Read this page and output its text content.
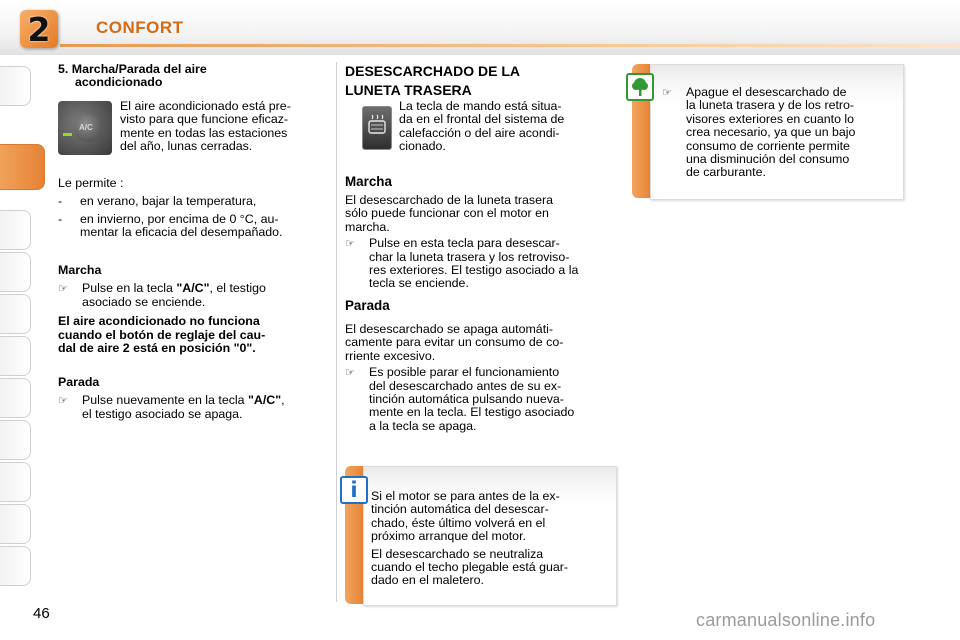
2	CONFORT
5. Marcha/Parada del aire
acondicionado
A/C
El aire acondicionado está pre-
visto para que funcione eficaz-
mente en todas las estaciones
del año, lunas cerradas.
Le permite :
- en verano, bajar la temperatura,
- en invierno, por encima de 0 °C, au-
mentar la eficacia del desempañado.
Marcha
☞ Pulse en la tecla "A/C", el testigo
asociado se enciende.
El aire acondicionado no funciona
cuando el botón de reglaje del cau-
dal de aire 2 está en posición "0".
Parada
☞ Pulse nuevamente en la tecla "A/C",
el testigo asociado se apaga.
DESESCARCHADO DE LA
LUNETA TRASERA
La tecla de mando está situa-
da en el frontal del sistema de
calefacción o del aire acondi-
cionado.
Marcha
El desescarchado de la luneta trasera
sólo puede funcionar con el motor en
marcha.
☞ Pulse en esta tecla para desescar-
char la luneta trasera y los retroviso-
res exteriores. El testigo asociado a la
tecla se enciende.
Parada
El desescarchado se apaga automáti-
camente para evitar un consumo de co-
rriente excesivo.
☞ Es posible parar el funcionamiento
del desescarchado antes de su ex-
tinción automática pulsando nueva-
mente en la tecla. El testigo asociado
a la tecla se apaga.
i Si el motor se para antes de la ex-
tinción automática del desescar-
chado, éste último volverá en el
próximo arranque del motor.
El desescarchado se neutraliza
cuando el techo plegable está guar-
dado en el maletero.
☞ Apague el desescarchado de
la luneta trasera y de los retro-
visores exteriores en cuanto lo
crea necesario, ya que un bajo
consumo de corriente permite
una disminución del consumo
de carburante.
46	carmanualsonline.info
